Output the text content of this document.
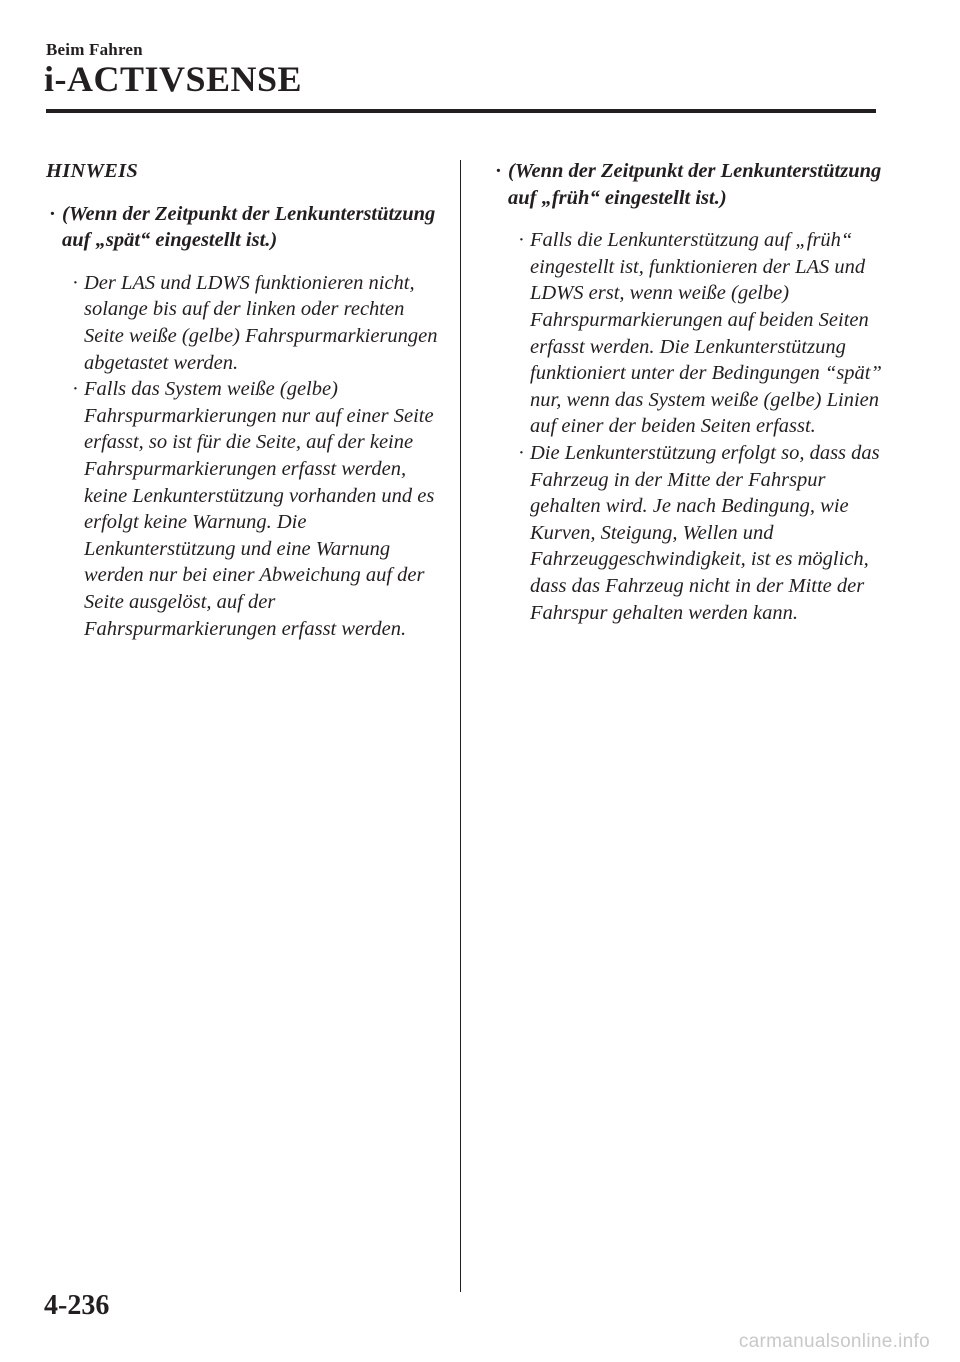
Beim Fahren
i-ACTIVSENSE
HINWEIS
· (Wenn der Zeitpunkt der Lenkunterstützung auf „spät“ eingestellt ist.)
· Der LAS und LDWS funktionieren nicht, solange bis auf der linken oder rechten Seite weiße (gelbe) Fahrspurmarkierungen abgetastet werden.
· Falls das System weiße (gelbe) Fahrspurmarkierungen nur auf einer Seite erfasst, so ist für die Seite, auf der keine Fahrspurmarkierungen erfasst werden, keine Lenkunterstützung vorhanden und es erfolgt keine Warnung. Die Lenkunterstützung und eine Warnung werden nur bei einer Abweichung auf der Seite ausgelöst, auf der Fahrspurmarkierungen erfasst werden.
· (Wenn der Zeitpunkt der Lenkunterstützung auf „früh“ eingestellt ist.)
· Falls die Lenkunterstützung auf „früh“ eingestellt ist, funktionieren der LAS und LDWS erst, wenn weiße (gelbe) Fahrspurmarkierungen auf beiden Seiten erfasst werden. Die Lenkunterstützung funktioniert unter der Bedingungen “spät” nur, wenn das System weiße (gelbe) Linien auf einer der beiden Seiten erfasst.
· Die Lenkunterstützung erfolgt so, dass das Fahrzeug in der Mitte der Fahrspur gehalten wird. Je nach Bedingung, wie Kurven, Steigung, Wellen und Fahrzeuggeschwindigkeit, ist es möglich, dass das Fahrzeug nicht in der Mitte der Fahrspur gehalten werden kann.
4-236
carmanualsonline.info
